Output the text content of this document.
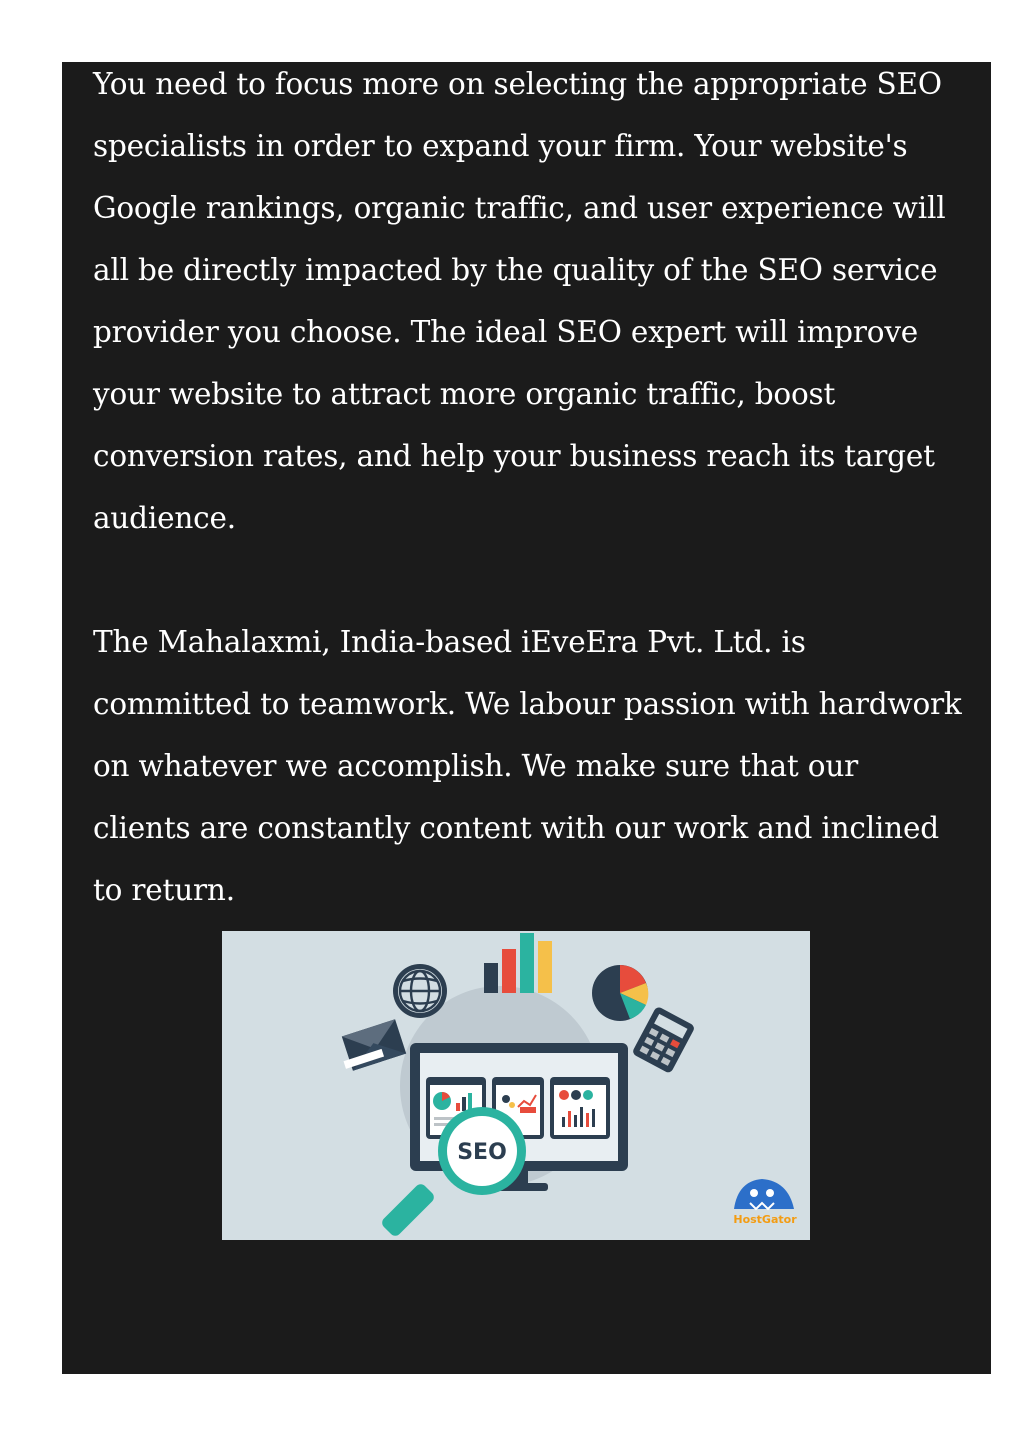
You need to focus more on selecting the appropriate SEO specialists in order to expand your firm. Your website's Google rankings, organic traffic, and user experience will all be directly impacted by the quality of the SEO service provider you choose. The ideal SEO expert will improve your website to attract more organic traffic, boost conversion rates, and help your business reach its target audience.

The Mahalaxmi, India-based iEveEra Pvt. Ltd. is committed to teamwork. We labour passion with hardwork on whatever we accomplish. We make sure that our clients are constantly content with our work and inclined to return.

SEO
HostGator
